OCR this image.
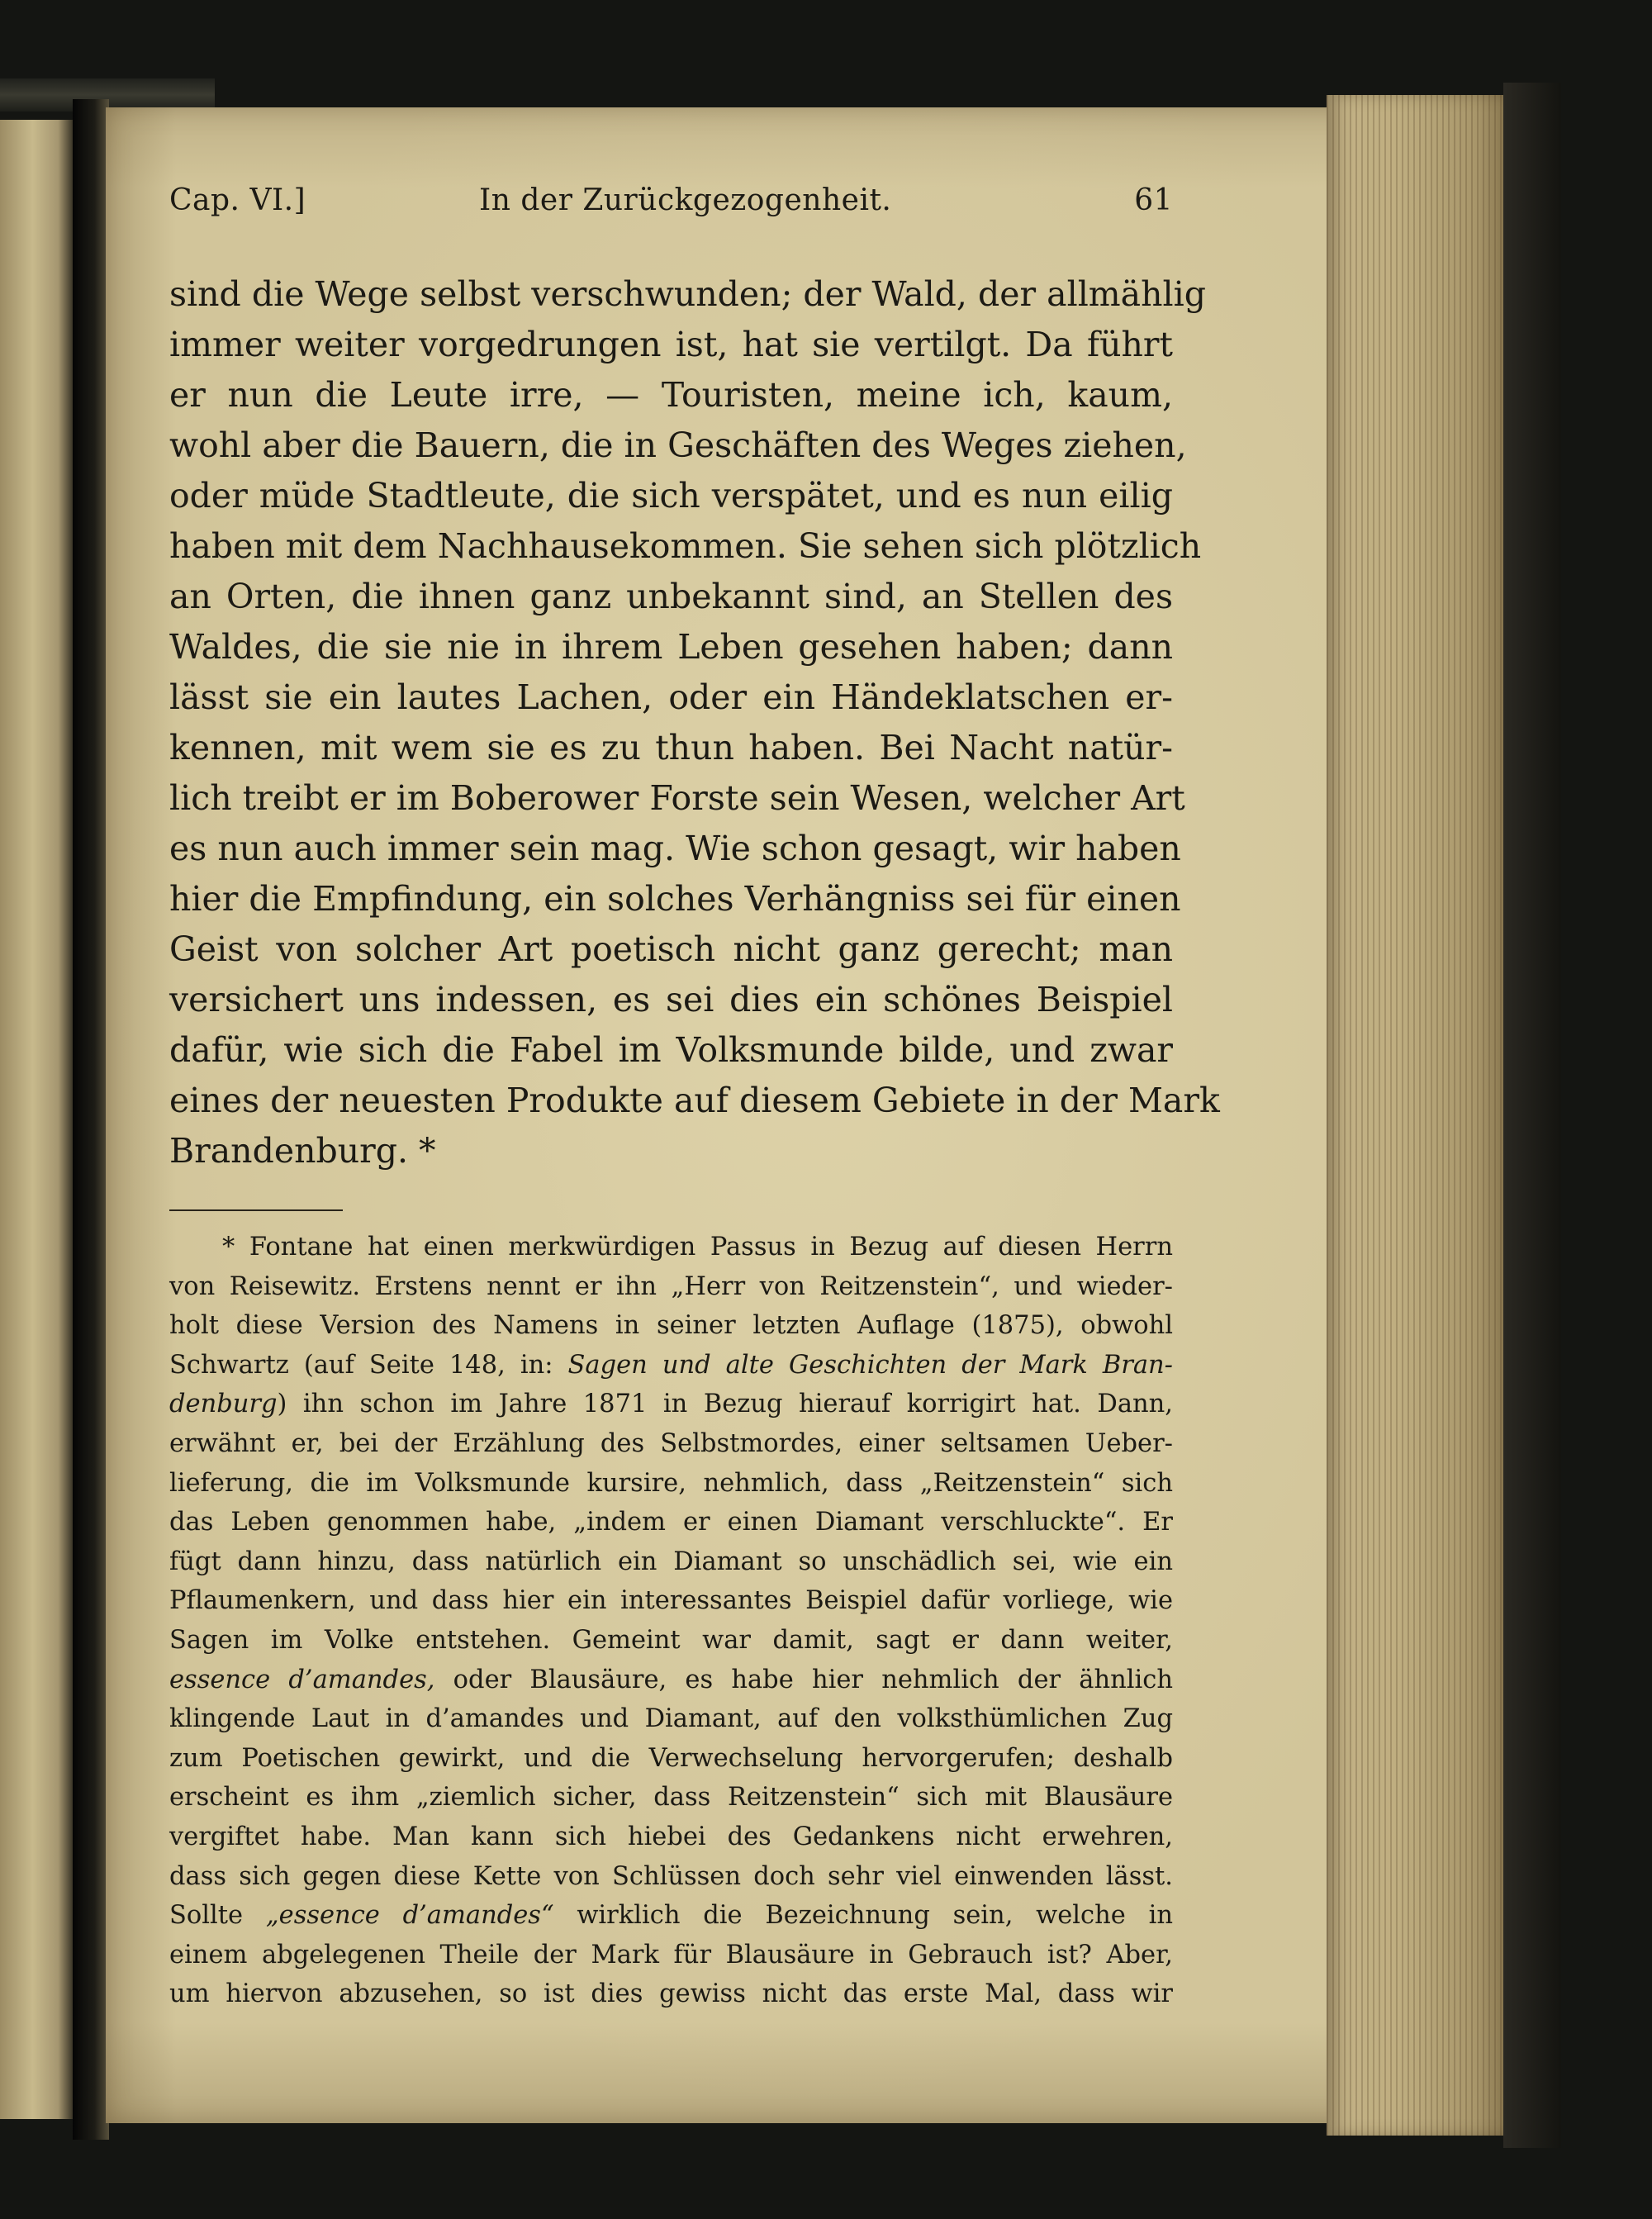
Cap. VI.]	In der Zurückgezogenheit.	61
sind die Wege selbst verschwunden; der Wald, der allmählig
immer weiter vorgedrungen ist, hat sie vertilgt. Da führt
er nun die Leute irre, — Touristen, meine ich, kaum,
wohl aber die Bauern, die in Geschäften des Weges ziehen,
oder müde Stadtleute, die sich verspätet, und es nun eilig
haben mit dem Nachhausekommen. Sie sehen sich plötzlich
an Orten, die ihnen ganz unbekannt sind, an Stellen des
Waldes, die sie nie in ihrem Leben gesehen haben; dann
lässt sie ein lautes Lachen, oder ein Händeklatschen er-
kennen, mit wem sie es zu thun haben. Bei Nacht natür-
lich treibt er im Boberower Forste sein Wesen, welcher Art
es nun auch immer sein mag. Wie schon gesagt, wir haben
hier die Empfindung, ein solches Verhängniss sei für einen
Geist von solcher Art poetisch nicht ganz gerecht; man
versichert uns indessen, es sei dies ein schönes Beispiel
dafür, wie sich die Fabel im Volksmunde bilde, und zwar
eines der neuesten Produkte auf diesem Gebiete in der Mark
Brandenburg. *
* Fontane hat einen merkwürdigen Passus in Bezug auf diesen Herrn
von Reisewitz. Erstens nennt er ihn „Herr von Reitzenstein“, und wieder-
holt diese Version des Namens in seiner letzten Auflage (1875), obwohl
Schwartz (auf Seite 148, in: Sagen und alte Geschichten der Mark Bran-
denburg) ihn schon im Jahre 1871 in Bezug hierauf korrigirt hat. Dann,
erwähnt er, bei der Erzählung des Selbstmordes, einer seltsamen Ueber-
lieferung, die im Volksmunde kursire, nehmlich, dass „Reitzenstein“ sich
das Leben genommen habe, „indem er einen Diamant verschluckte“. Er
fügt dann hinzu, dass natürlich ein Diamant so unschädlich sei, wie ein
Pflaumenkern, und dass hier ein interessantes Beispiel dafür vorliege, wie
Sagen im Volke entstehen. Gemeint war damit, sagt er dann weiter,
essence d’amandes, oder Blausäure, es habe hier nehmlich der ähnlich
klingende Laut in d’amandes und Diamant, auf den volksthümlichen Zug
zum Poetischen gewirkt, und die Verwechselung hervorgerufen; deshalb
erscheint es ihm „ziemlich sicher, dass Reitzenstein“ sich mit Blausäure
vergiftet habe. Man kann sich hiebei des Gedankens nicht erwehren,
dass sich gegen diese Kette von Schlüssen doch sehr viel einwenden lässt.
Sollte „essence d’amandes“ wirklich die Bezeichnung sein, welche in
einem abgelegenen Theile der Mark für Blausäure in Gebrauch ist? Aber,
um hiervon abzusehen, so ist dies gewiss nicht das erste Mal, dass wir
